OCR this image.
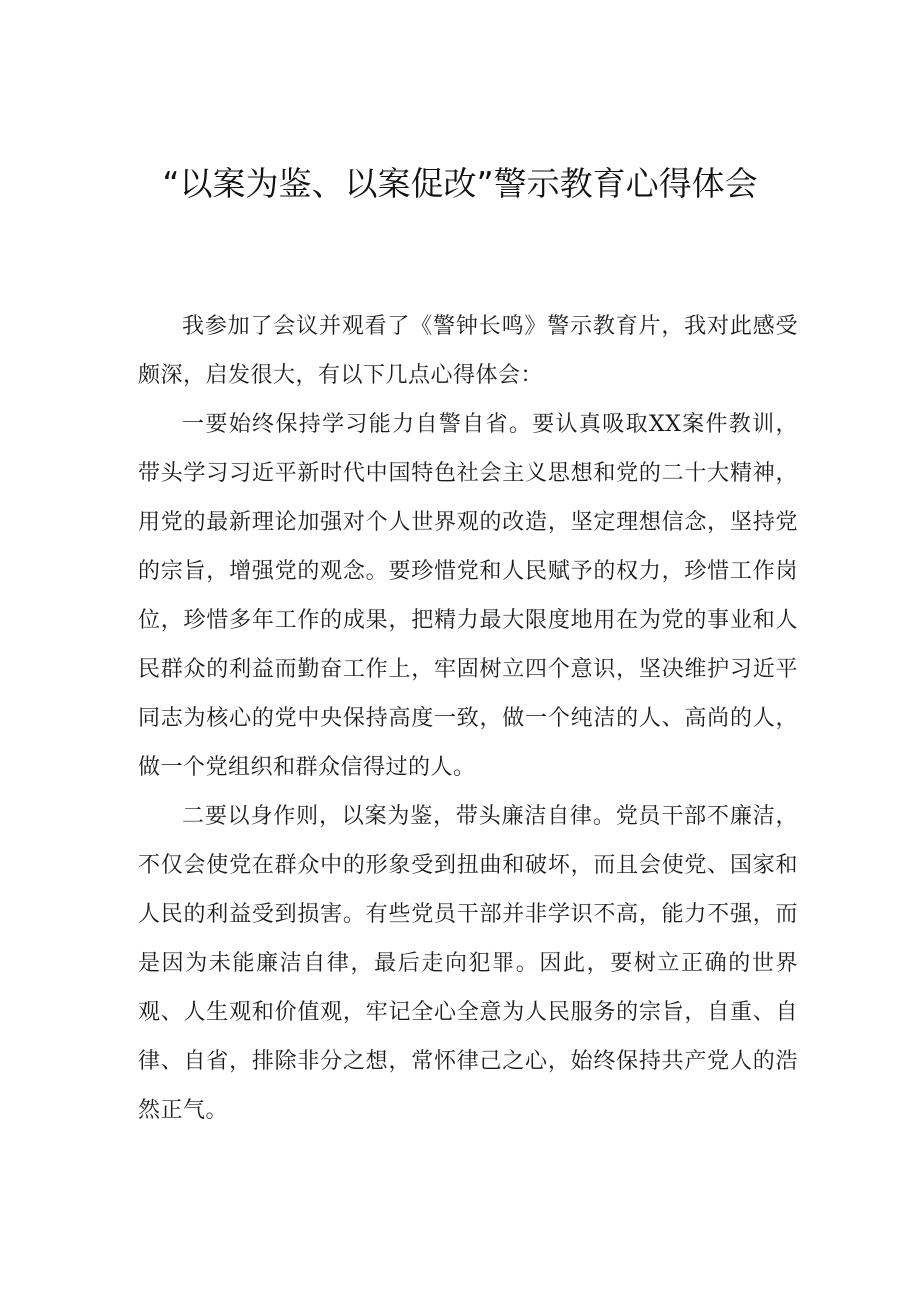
“以案为鉴、以案促改”警示教育心得体会

我参加了会议并观看了《警钟长鸣》警示教育片，我对此感受颇深，启发很大，有以下几点心得体会：

一要始终保持学习能力自警自省。要认真吸取XX案件教训，带头学习习近平新时代中国特色社会主义思想和党的二十大精神，用党的最新理论加强对个人世界观的改造，坚定理想信念，坚持党的宗旨，增强党的观念。要珍惜党和人民赋予的权力，珍惜工作岗位，珍惜多年工作的成果，把精力最大限度地用在为党的事业和人民群众的利益而勤奋工作上，牢固树立四个意识，坚决维护习近平同志为核心的党中央保持高度一致，做一个纯洁的人、高尚的人，做一个党组织和群众信得过的人。

二要以身作则，以案为鉴，带头廉洁自律。党员干部不廉洁，不仅会使党在群众中的形象受到扭曲和破坏，而且会使党、国家和人民的利益受到损害。有些党员干部并非学识不高，能力不强，而是因为未能廉洁自律，最后走向犯罪。因此，要树立正确的世界观、人生观和价值观，牢记全心全意为人民服务的宗旨，自重、自律、自省，排除非分之想，常怀律己之心，始终保持共产党人的浩然正气。
